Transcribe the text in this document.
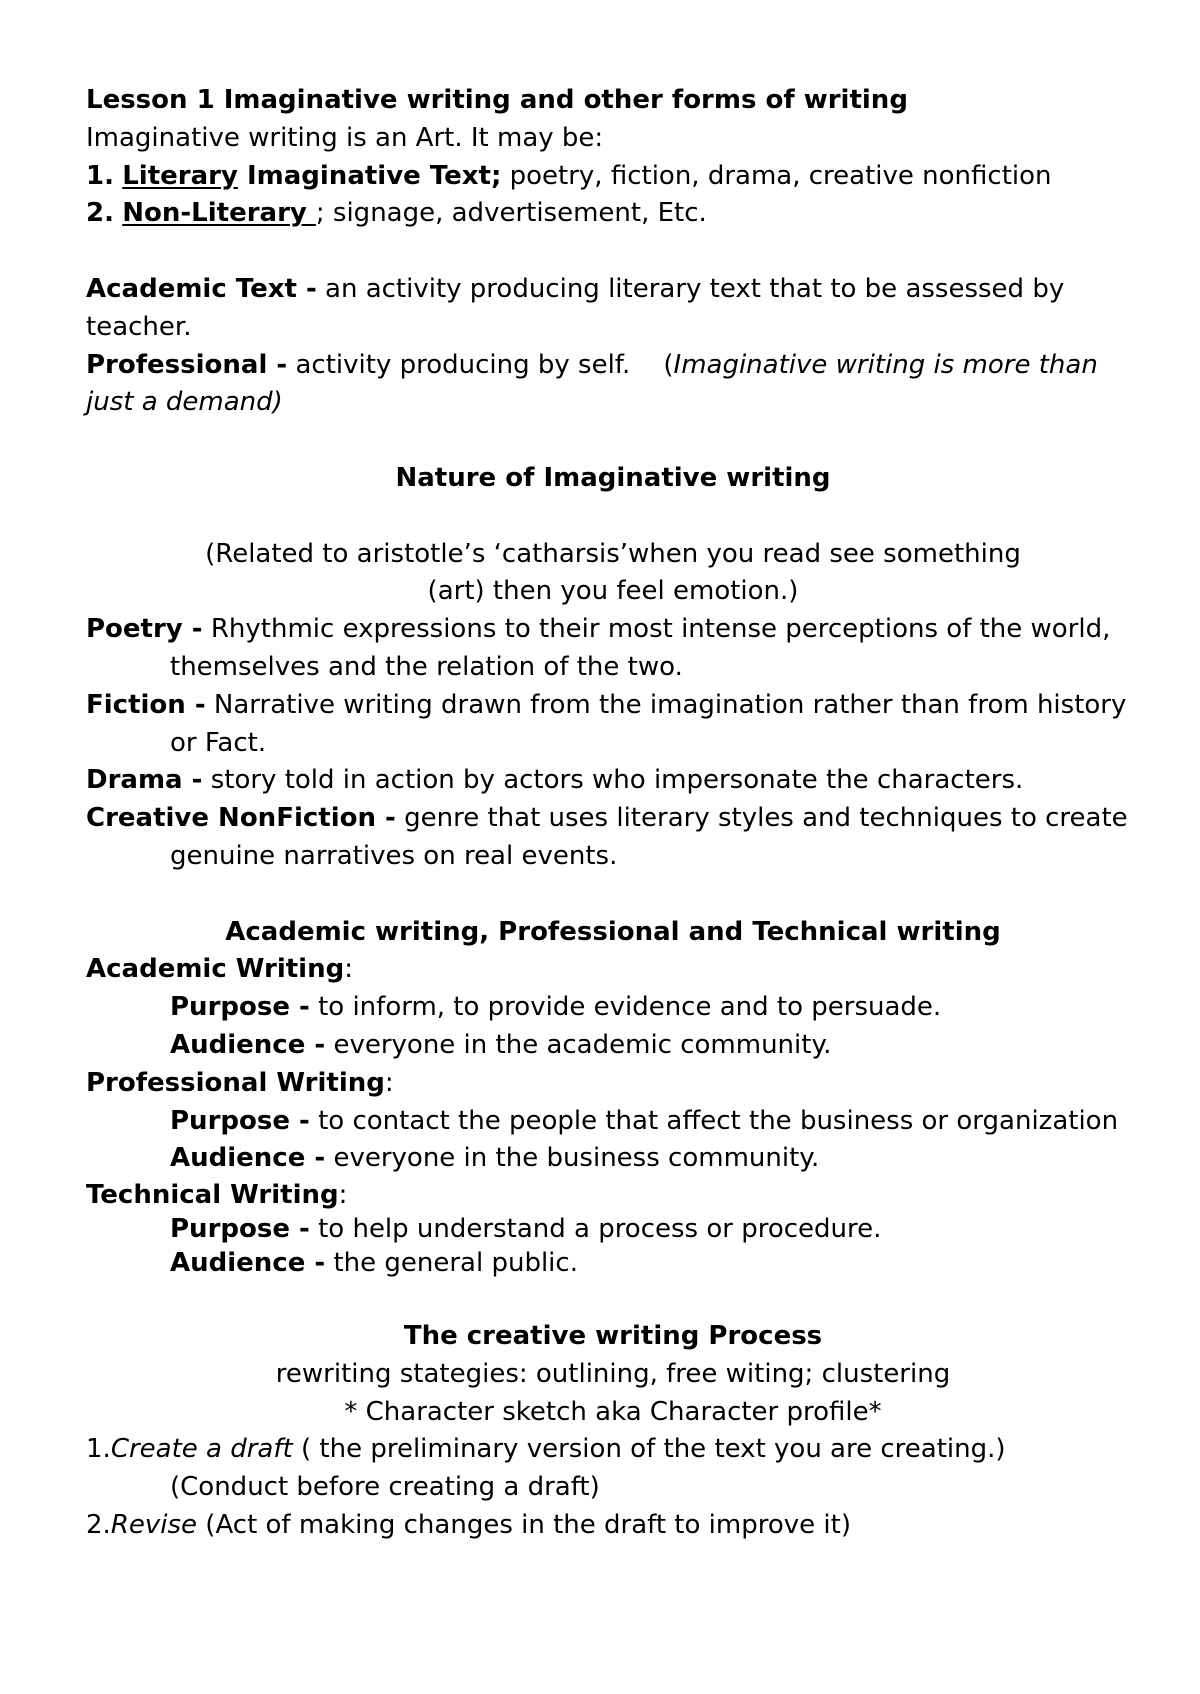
Lesson 1 Imaginative writing and other forms of writing

Imaginative writing is an Art. It may be:

1. Literary Imaginative Text; poetry, fiction, drama, creative nonfiction

2. Non-Literary ; signage, advertisement, Etc.

Academic Text - an activity producing literary text that to be assessed by teacher.

Professional - activity producing by self.    (Imaginative writing is more than just a demand)

Nature of Imaginative writing

(Related to aristotle’s ‘catharsis’when you read see something

(art) then you feel emotion.)

Poetry - Rhythmic expressions to their most intense perceptions of the world, themselves and the relation of the two.

Fiction - Narrative writing drawn from the imagination rather than from history or Fact.

Drama - story told in action by actors who impersonate the characters.

Creative NonFiction - genre that uses literary styles and techniques to create genuine narratives on real events.

Academic writing, Professional and Technical writing

Academic Writing:

Purpose - to inform, to provide evidence and to persuade.

Audience - everyone in the academic community.

Professional Writing:

Purpose - to contact the people that affect the business or organization

Audience - everyone in the business community.

Technical Writing:

Purpose - to help understand a process or procedure.

Audience - the general public.

The creative writing Process

rewriting stategies: outlining, free witing; clustering

* Character sketch aka Character profile*

1.Create a draft ( the preliminary version of the text you are creating.)

(Conduct before creating a draft)

2.Revise (Act of making changes in the draft to improve it)
